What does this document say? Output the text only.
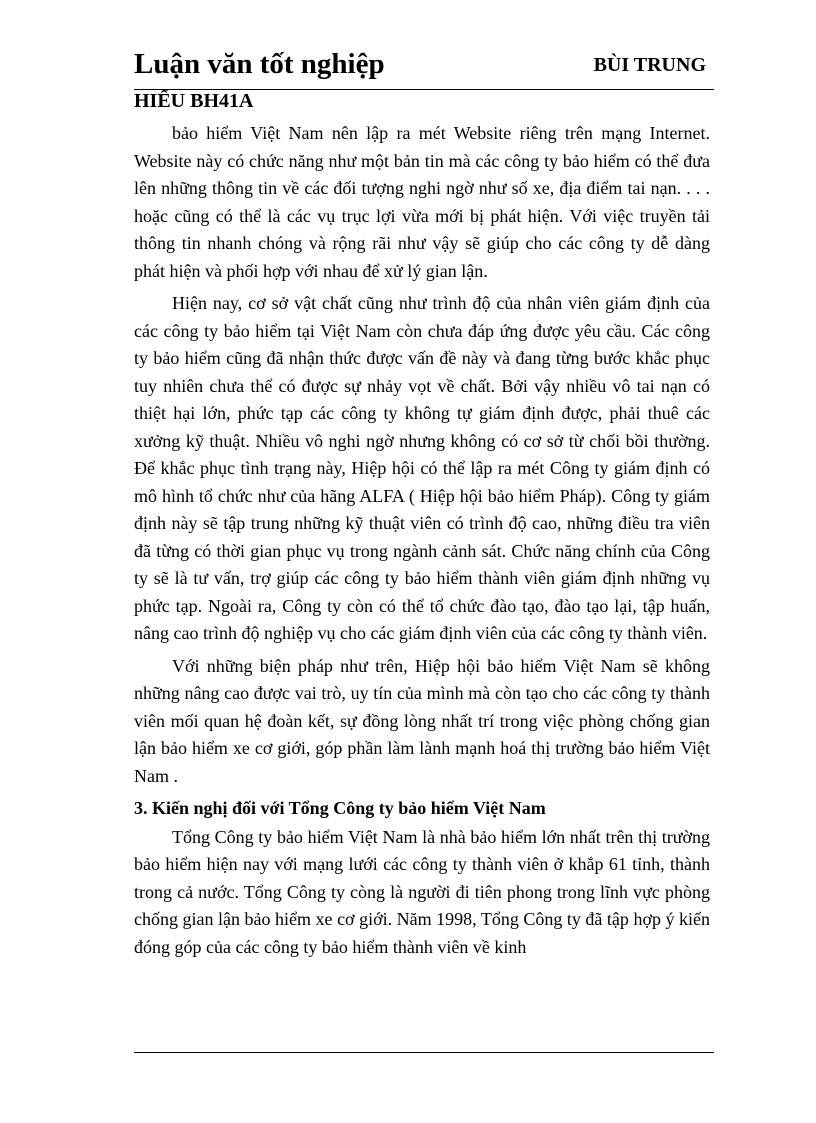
Luận văn tốt nghiệp	BÙI TRUNG
HIẾU BH41A

bảo hiểm Việt Nam nên lập ra mét Website riêng trên mạng Internet. Website này có chức năng như một bản tin mà các công ty bảo hiểm có thể đưa lên những thông tin về các đối tượng nghi ngờ như số xe, địa điểm tai nạn. . . . hoặc cũng có thể là các vụ trục lợi vừa mới bị phát hiện. Với việc truyền tải thông tin nhanh chóng và rộng rãi như vậy sẽ giúp cho các công ty dễ dàng phát hiện và phối hợp với nhau để xử lý gian lận.

Hiện nay, cơ sở vật chất cũng như trình độ của nhân viên giám định của các công ty bảo hiểm tại Việt Nam còn chưa đáp ứng được yêu cầu. Các công ty bảo hiểm cũng đã nhận thức được vấn đề này và đang từng bước khắc phục tuy nhiên chưa thể có được sự nhảy vọt về chất. Bởi vậy nhiều vô tai nạn có thiệt hại lớn, phức tạp các công ty không tự giám định được, phải thuê các xưởng kỹ thuật. Nhiều vô nghi ngờ nhưng không có cơ sở từ chối bồi thường. Để khắc phục tình trạng này, Hiệp hội có thể lập ra mét Công ty giám định có mô hình tổ chức như của hãng ALFA ( Hiệp hội bảo hiểm Pháp). Công ty giám định này sẽ tập trung những kỹ thuật viên có trình độ cao, những điều tra viên đã từng có thời gian phục vụ trong ngành cảnh sát. Chức năng chính của Công ty sẽ là tư vấn, trợ giúp các công ty bảo hiểm thành viên giám định những vụ phức tạp. Ngoài ra, Công ty còn có thể tổ chức đào tạo, đào tạo lại, tập huấn, nâng cao trình độ nghiệp vụ cho các giám định viên của các công ty thành viên.

Với những biện pháp như trên, Hiệp hội bảo hiểm Việt Nam sẽ không những nâng cao được vai trò, uy tín của mình mà còn tạo cho các công ty thành viên mối quan hệ đoàn kết, sự đồng lòng nhất trí trong việc phòng chống gian lận bảo hiểm xe cơ giới, góp phần làm lành mạnh hoá thị trường bảo hiểm Việt Nam .

3. Kiến nghị đối với Tổng Công ty bảo hiểm Việt Nam

Tổng Công ty bảo hiểm Việt Nam là nhà bảo hiểm lớn nhất trên thị trường bảo hiểm hiện nay với mạng lưới các công ty thành viên ở khắp 61 tỉnh, thành trong cả nước. Tổng Công ty còng là người đi tiên phong trong lĩnh vực phòng chống gian lận bảo hiểm xe cơ giới. Năm 1998, Tổng Công ty đã tập hợp ý kiến đóng góp của các công ty bảo hiểm thành viên về kinh
